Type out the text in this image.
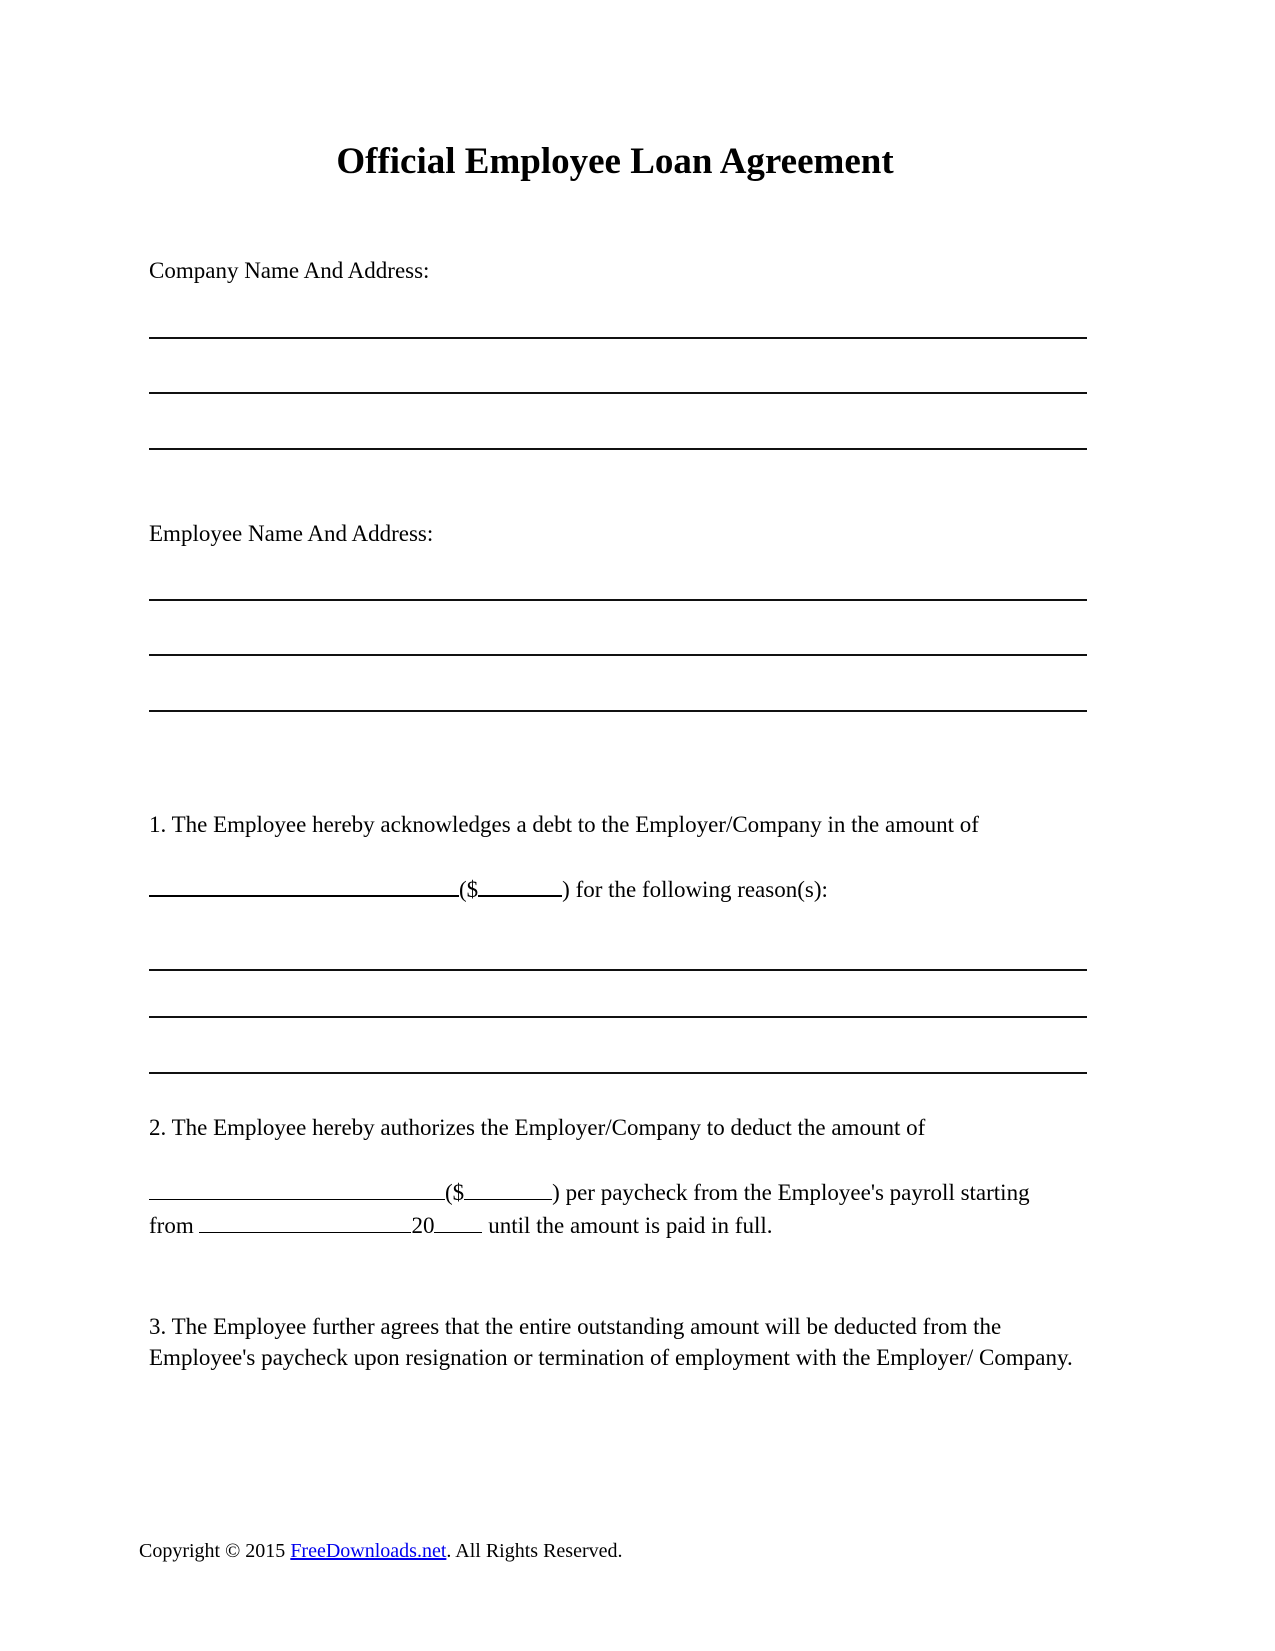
Official Employee Loan Agreement
Company Name And Address:
Employee Name And Address:
1. The Employee hereby acknowledges a debt to the Employer/Company in the amount of
($	) for the following reason(s):
2. The Employee hereby authorizes the Employer/Company to deduct the amount of
($	) per paycheck from the Employee's payroll starting
from	20 until the amount is paid in full.
3. The Employee further agrees that the entire outstanding amount will be deducted from the Employee's paycheck upon resignation or termination of employment with the Employer/ Company.
Copyright © 2015 FreeDownloads.net. All Rights Reserved.
